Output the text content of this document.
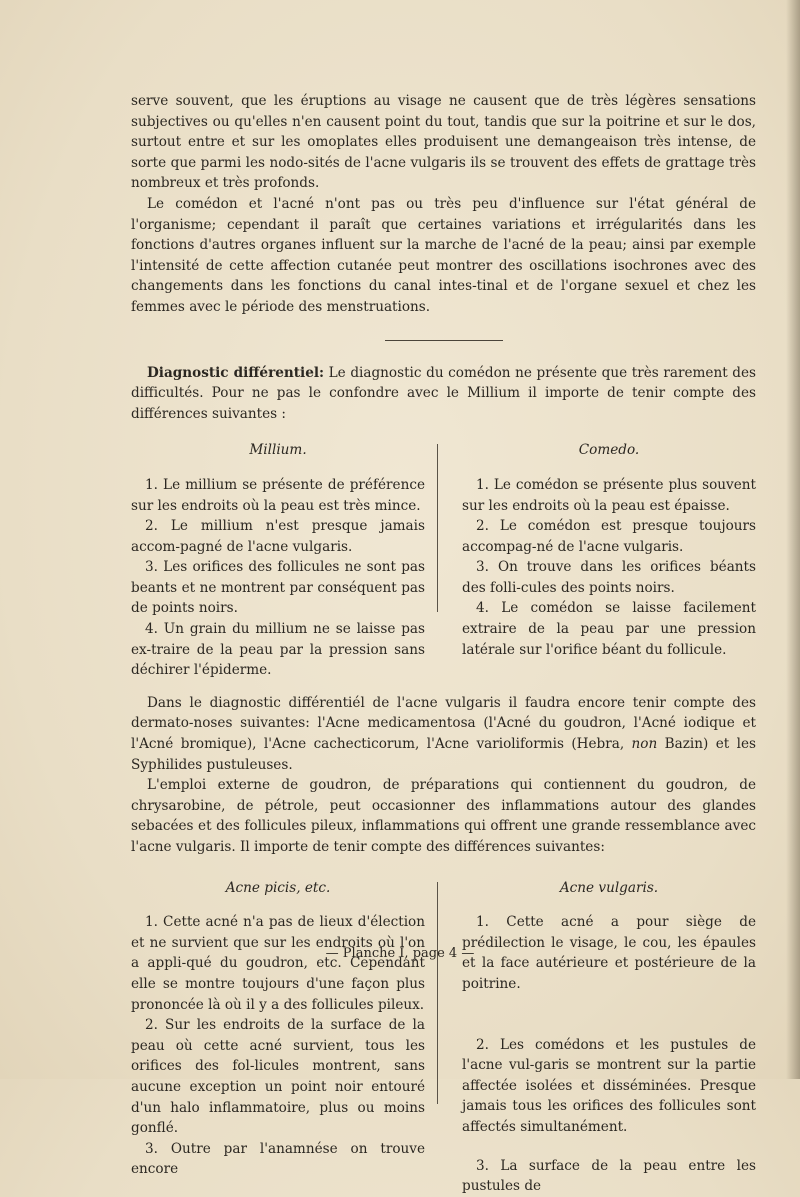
serve souvent, que les éruptions au visage ne causent que de très légères sensations subjectives ou qu'elles n'en causent point du tout, tandis que sur la poitrine et sur le dos, surtout entre et sur les omoplates elles produisent une demangeaison très intense, de sorte que parmi les nodo-sités de l'acne vulgaris ils se trouvent des effets de grattage très nombreux et très profonds.

Le comédon et l'acné n'ont pas ou très peu d'influence sur l'état général de l'organisme; cependant il paraît que certaines variations et irrégularités dans les fonctions d'autres organes influent sur la marche de l'acné de la peau; ainsi par exemple l'intensité de cette affection cutanée peut montrer des oscillations isochrones avec des changements dans les fonctions du canal intes-tinal et de l'organe sexuel et chez les femmes avec le période des menstruations.

Diagnostic différentiel: Le diagnostic du comédon ne présente que très rarement des difficultés. Pour ne pas le confondre avec le Millium il importe de tenir compte des différences suivantes :

Millium.

1. Le millium se présente de préférence sur les endroits où la peau est très mince.

2. Le millium n'est presque jamais accom-pagné de l'acne vulgaris.

3. Les orifices des follicules ne sont pas beants et ne montrent par conséquent pas de points noirs.

4. Un grain du millium ne se laisse pas ex-traire de la peau par la pression sans déchirer l'épiderme.

Comedo.

1. Le comédon se présente plus souvent sur les endroits où la peau est épaisse.

2. Le comédon est presque toujours accompag-né de l'acne vulgaris.

3. On trouve dans les orifices béants des folli-cules des points noirs.

4. Le comédon se laisse facilement extraire de la peau par une pression latérale sur l'orifice béant du follicule.

Dans le diagnostic différentiél de l'acne vulgaris il faudra encore tenir compte des dermato-noses suivantes: l'Acne medicamentosa (l'Acné du goudron, l'Acné iodique et l'Acné bromique), l'Acne cachecticorum, l'Acne varioliformis (Hebra, non Bazin) et les Syphilides pustuleuses.

L'emploi externe de goudron, de préparations qui contiennent du goudron, de chrysarobine, de pétrole, peut occasionner des inflammations autour des glandes sebacées et des follicules pileux, inflammations qui offrent une grande ressemblance avec l'acne vulgaris. Il importe de tenir compte des différences suivantes:

Acne picis, etc.

1. Cette acné n'a pas de lieux d'élection et ne survient que sur les endroits où l'on a appli-qué du goudron, etc. Cependant elle se montre toujours d'une façon plus prononcée là où il y a des follicules pileux.

2. Sur les endroits de la surface de la peau où cette acné survient, tous les orifices des fol-licules montrent, sans aucune exception un point noir entouré d'un halo inflammatoire, plus ou moins gonflé.

3. Outre par l'anamnése on trouve encore

Acne vulgaris.

1. Cette acné a pour siège de prédilection le visage, le cou, les épaules et la face autérieure et postérieure de la poitrine.

2. Les comédons et les pustules de l'acne vul-garis se montrent sur la partie affectée isolées et disséminées. Presque jamais tous les orifices des follicules sont affectés simultanément.

3. La surface de la peau entre les pustules de

— Planche I, page 4 —
